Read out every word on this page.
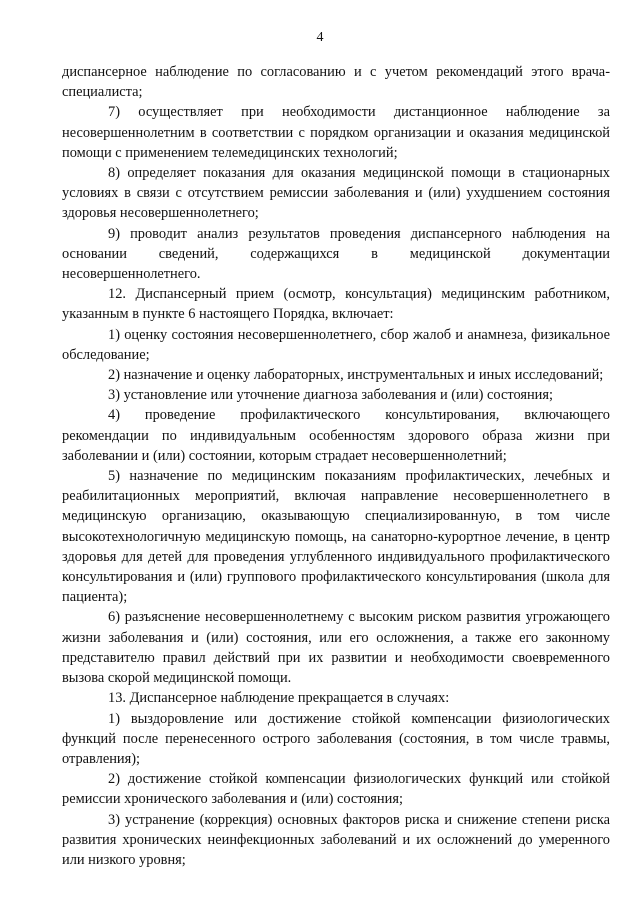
4

диспансерное наблюдение по согласованию и с учетом рекомендаций этого врача-специалиста;

7) осуществляет при необходимости дистанционное наблюдение за несовершеннолетним в соответствии с порядком организации и оказания медицинской помощи с применением телемедицинских технологий;

8) определяет показания для оказания медицинской помощи в стационарных условиях в связи с отсутствием ремиссии заболевания и (или) ухудшением состояния здоровья несовершеннолетнего;

9) проводит анализ результатов проведения диспансерного наблюдения на основании сведений, содержащихся в медицинской документации несовершеннолетнего.

12. Диспансерный прием (осмотр, консультация) медицинским работником, указанным в пункте 6 настоящего Порядка, включает:

1) оценку состояния несовершеннолетнего, сбор жалоб и анамнеза, физикальное обследование;

2) назначение и оценку лабораторных, инструментальных и иных исследований;

3) установление или уточнение диагноза заболевания и (или) состояния;

4) проведение профилактического консультирования, включающего рекомендации по индивидуальным особенностям здорового образа жизни при заболевании и (или) состоянии, которым страдает несовершеннолетний;

5) назначение по медицинским показаниям профилактических, лечебных и реабилитационных мероприятий, включая направление несовершеннолетнего в медицинскую организацию, оказывающую специализированную, в том числе высокотехнологичную медицинскую помощь, на санаторно-курортное лечение, в центр здоровья для детей для проведения углубленного индивидуального профилактического консультирования и (или) группового профилактического консультирования (школа для пациента);

6) разъяснение несовершеннолетнему с высоким риском развития угрожающего жизни заболевания и (или) состояния, или его осложнения, а также его законному представителю правил действий при их развитии и необходимости своевременного вызова скорой медицинской помощи.

13. Диспансерное наблюдение прекращается в случаях:

1) выздоровление или достижение стойкой компенсации физиологических функций после перенесенного острого заболевания (состояния, в том числе травмы, отравления);

2) достижение стойкой компенсации физиологических функций или стойкой ремиссии хронического заболевания и (или) состояния;

3) устранение (коррекция) основных факторов риска и снижение степени риска развития хронических неинфекционных заболеваний и их осложнений до умеренного или низкого уровня;
